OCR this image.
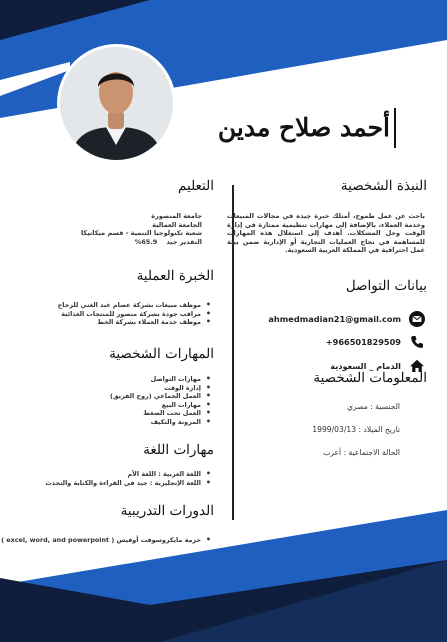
أحمد صلاح مدين
النبذة الشخصية
باحث عن عمل طموح، أمتلك خبرة جيدة في مجالات المبيعات وخدمة العملاء، بالإضافة إلى مهارات تنظيمية ممتازة في إدارة الوقت وحل المشكلات. أهدف إلى استغلال هذه المهارات للمساهمة في نجاح العمليات التجارية أو الإدارية ضمن بيئة عمل احترافية في المملكة العربية السعودية.
بيانات التواصل
ahmedmadian21@gmail.com
+966501829509
الدمام _ السعودية
المعلومات الشخصية
الجنسية : مصري
تاريخ الميلاد : 1999/03/13
الحالة الاجتماعية : أعزب
التعليم
جامعة المنصورة
الجامعة العمالية
شعبة تكنولوجيا التنمية - قسم ميكانيكا
التقدير جيد    65.9%
الخبرة العملية
• موظف مبيعات بشركة عصام عبد الغني للزجاج
• مراقب جودة بشركة منصور للمنتجات الغذائية
• موظف خدمة العملاء بشركة الخط
المهارات الشخصية
• مهارات التواصل
• إدارة الوقت
• العمل الجماعي (روح الفريق)
• مهارات البيع
• العمل تحت الضغط
• المرونة والتكيف
مهارات اللغة
• اللغة العربية : اللغة الأم
• اللغة الإنجليزية : جيد في القراءة والكتابة والتحدث
الدورات التدريبية
• حزمة مايكروسوفت أوفيس ( excel, word, and powerpoint )
